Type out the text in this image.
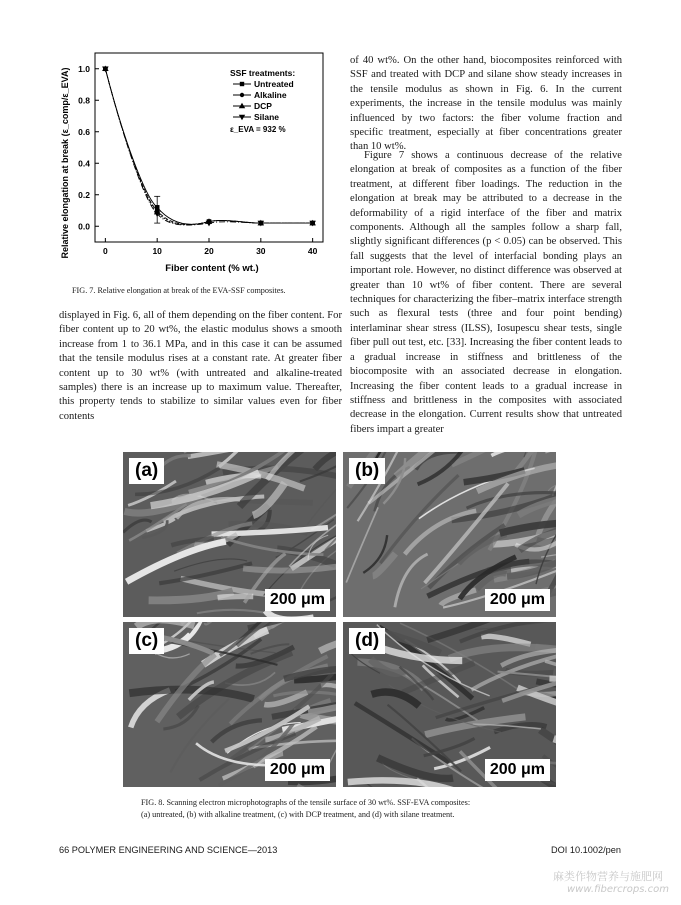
0	10	20	30	40
0.0
0.2
0.4
0.6
0.8
1.0
Fiber content (% wt.)
Relative elongation at break (ε_comp/ε_EVA)	SSF treatments:
Untreated
Alkaline
DCP
Silane
ε_EVA = 932 %
FIG. 7. Relative elongation at break of the EVA-SSF composites.

displayed in Fig. 6, all of them depending on the fiber content. For fiber content up to 20 wt%, the elastic modulus shows a smooth increase from 1 to 36.1 MPa, and in this case it can be assumed that the tensile modulus rises at a constant rate. At greater fiber content up to 30 wt% (with untreated and alkaline-treated samples) there is an increase up to maximum value. Thereafter, this property tends to stabilize to similar values even for fiber contents

of 40 wt%. On the other hand, biocomposites reinforced with SSF and treated with DCP and silane show steady increases in the tensile modulus as shown in Fig. 6. In the current experiments, the increase in the tensile modulus was mainly influenced by two factors: the fiber volume fraction and specific treatment, especially at fiber concentrations greater than 10 wt%.

Figure 7 shows a continuous decrease of the relative elongation at break of composites as a function of the fiber treatment, at different fiber loadings. The reduction in the elongation at break may be attributed to a decrease in the deformability of a rigid interface of the fiber and matrix components. Although all the samples follow a sharp fall, slightly significant differences (p < 0.05) can be observed. This fall suggests that the level of interfacial bonding plays an important role. However, no distinct difference was observed at greater than 10 wt% of fiber content. There are several techniques for characterizing the fiber–matrix interface strength such as flexural tests (three and four point bending) interlaminar shear stress (ILSS), Iosupescu shear tests, single fiber pull out test, etc. [33]. Increasing the fiber content leads to a gradual increase in stiffness and brittleness of the biocomposite with an associated decrease in elongation. Increasing the fiber content leads to a gradual increase in stiffness and brittleness in the composites with associated decrease in the elongation. Current results show that untreated fibers impart a greater

(a)
200 μm
(b)
200 μm
(c)
200 μm
(d)
200 μm
FIG. 8. Scanning electron microphotographs of the tensile surface of 30 wt%. SSF-EVA composites:
(a) untreated, (b) with alkaline treatment, (c) with DCP treatment, and (d) with silane treatment.
66 POLYMER ENGINEERING AND SCIENCE—2013	DOI 10.1002/pen
麻类作物营养与施肥网
www.fibercrops.com
